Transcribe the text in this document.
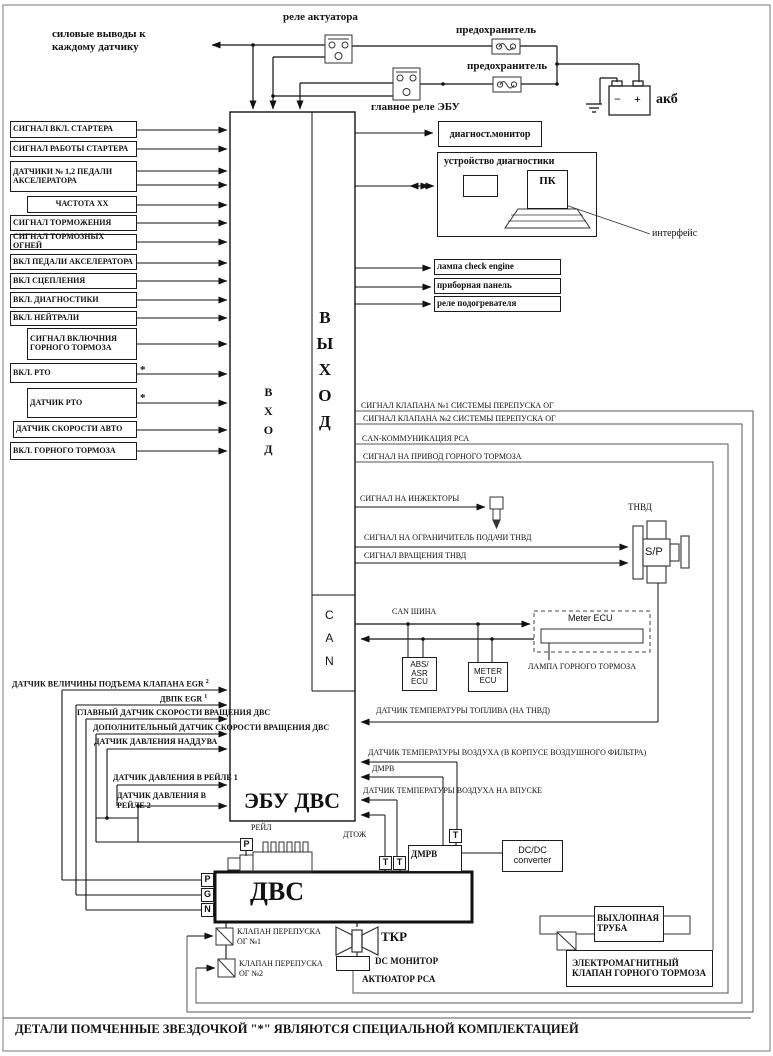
силовые выводы к каждому датчику
реле актуатора
предохранитель
предохранитель
главное реле ЭБУ	акб
− +
диагност.монитор
устройство диагностики
ПК
интерфейс
СИГНАЛ ВКЛ. СТАРТЕРА
СИГНАЛ РАБОТЫ СТАРТЕРА
ДАТЧИКИ № 1,2 ПЕДАЛИ АКСЕЛЕРАТОРА
ЧАСТОТА ХХ
СИГНАЛ ТОРМОЖЕНИЯ
СИГНАЛ ТОРМОЗНЫХ ОГНЕЙ
ВКЛ ПЕДАЛИ АКСЕЛЕРАТОРА
ВКЛ СЦЕПЛЕНИЯ
ВКЛ. ДИАГНОСТИКИ
ВКЛ. НЕЙТРАЛИ
СИГНАЛ ВКЛЮЧНИЯ ГОРНОГО ТОРМОЗА
ВКЛ. РТО
ДАТЧИК РТО
ДАТЧИК СКОРОСТИ АВТО
ВКЛ. ГОРНОГО ТОРМОЗА
*
*	ВХОД ВЫХОД
CAN
ЭБУ ДВС
лампа check engine
приборная панель
реле подогревателя
СИГНАЛ КЛАПАНА №1 СИСТЕМЫ ПЕРЕПУСКА ОГ
СИГНАЛ КЛАПАНА №2 СИСТЕМЫ ПЕРЕПУСКА ОГ
CAN-КОММУНИКАЦИЯ РСА
СИГНАЛ НА ПРИВОД ГОРНОГО ТОРМОЗА
СИГНАЛ НА ИНЖЕКТОРЫ
СИГНАЛ НА ОГРАНИЧИТЕЛЬ ПОДАЧИ ТНВД
СИГНАЛ ВРАЩЕНИЯ ТНВД
CAN ШИНА
ТНВД
S/P
Meter ECU
ЛАМПА ГОРНОГО ТОРМОЗА
ABS/ ASR ECU
METER ECU
ДАТЧИК ТЕМПЕРАТУРЫ ТОПЛИВА (НА ТНВД)
ДАТЧИК ТЕМПЕРАТУРЫ ВОЗДУХА (В КОРПУСЕ ВОЗДУШНОГО ФИЛЬТРА)
ДМРВ
ДАТЧИК ТЕМПЕРАТУРЫ ВОЗДУХА НА ВПУСКЕ
ДТОЖ
ДАТЧИК ВЕЛИЧИНЫ ПОДЪЕМА КЛАПАНА EGR $^2$
ДВПК EGR $^1$
ГЛАВНЫЙ ДАТЧИК СКОРОСТИ ВРАЩЕНИЯ ДВС
ДОПОЛНИТЕЛЬНЫЙ ДАТЧИК СКОРОСТИ ВРАЩЕНИЯ ДВС
ДАТЧИК ДАВЛЕНИЯ НАДДУВА
ДАТЧИК ДАВЛЕНИЯ В РЕЙЛЕ 1
ДАТЧИК ДАВЛЕНИЯ В РЕЙЛЕ 2
РЕЙЛ
P
P
G
N
ДВС
T T
T
ДМРВ	DC/DC converter
КЛАПАН ПЕРЕПУСКА ОГ №1
КЛАПАН ПЕРЕПУСКА ОГ №2
ТКР
DC МОНИТОР
АКТЮАТОР РСА
ВЫХЛОПНАЯ ТРУБА
ЭЛЕКТРОМАГНИТНЫЙ КЛАПАН ГОРНОГО ТОРМОЗА
ДЕТАЛИ ПОМЧЕННЫЕ ЗВЕЗДОЧКОЙ "*" ЯВЛЯЮТСЯ СПЕЦИАЛЬНОЙ КОМПЛЕКТАЦИЕЙ
